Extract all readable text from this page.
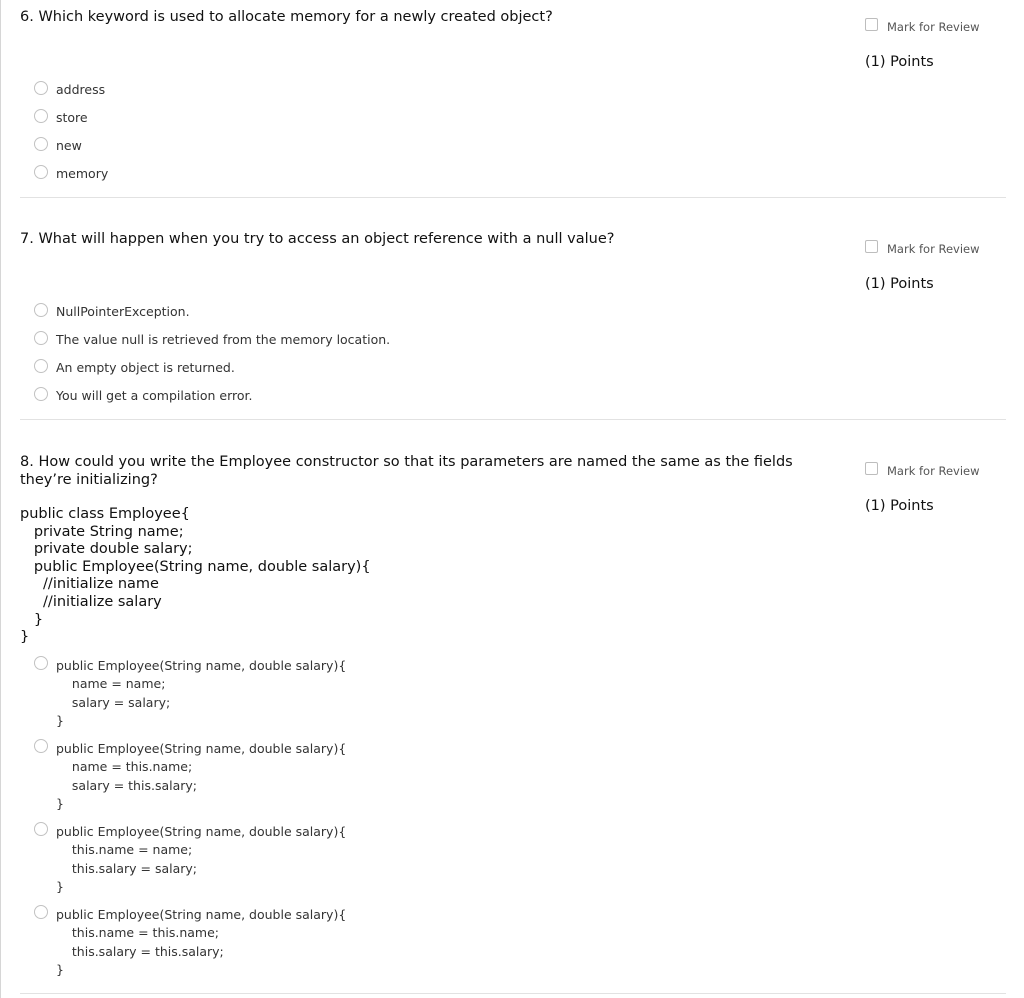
6. Which keyword is used to allocate memory for a newly created object?
Mark for Review
(1) Points
address
store
new
memory
7. What will happen when you try to access an object reference with a null value?
Mark for Review
(1) Points
NullPointerException.
The value null is retrieved from the memory location.
An empty object is returned.
You will get a compilation error.
8. How could you write the Employee constructor so that its parameters are named the same as the fields they’re initializing?
Mark for Review
(1) Points
public class Employee{
private String name;
private double salary;
public Employee(String name, double salary){
//initialize name
//initialize salary
}
}
public Employee(String name, double salary){
name = name;
salary = salary;
}
public Employee(String name, double salary){
name = this.name;
salary = this.salary;
}
public Employee(String name, double salary){
this.name = name;
this.salary = salary;
}
public Employee(String name, double salary){
this.name = this.name;
this.salary = this.salary;
}
